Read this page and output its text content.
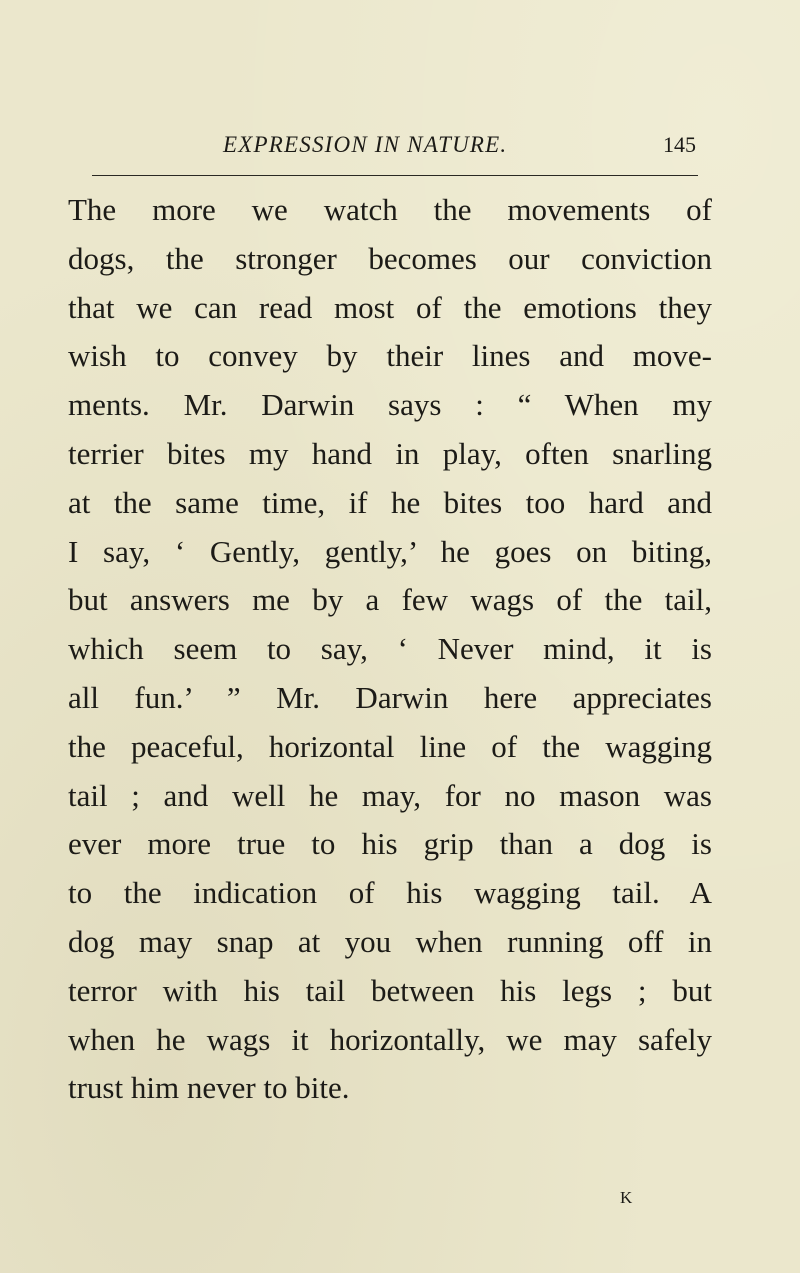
EXPRESSION IN NATURE.	145
The more we watch the movements of
dogs, the stronger becomes our conviction
that we can read most of the emotions they
wish to convey by their lines and move-
ments. Mr. Darwin says : “ When my
terrier bites my hand in play, often snarling
at the same time, if he bites too hard and
I say, ‘ Gently, gently,’ he goes on biting,
but answers me by a few wags of the tail,
which seem to say, ‘ Never mind, it is
all fun.’ ” Mr. Darwin here appreciates
the peaceful, horizontal line of the wagging
tail ; and well he may, for no mason was
ever more true to his grip than a dog is
to the indication of his wagging tail. A
dog may snap at you when running off in
terror with his tail between his legs ; but
when he wags it horizontally, we may safely
trust him never to bite.
K
